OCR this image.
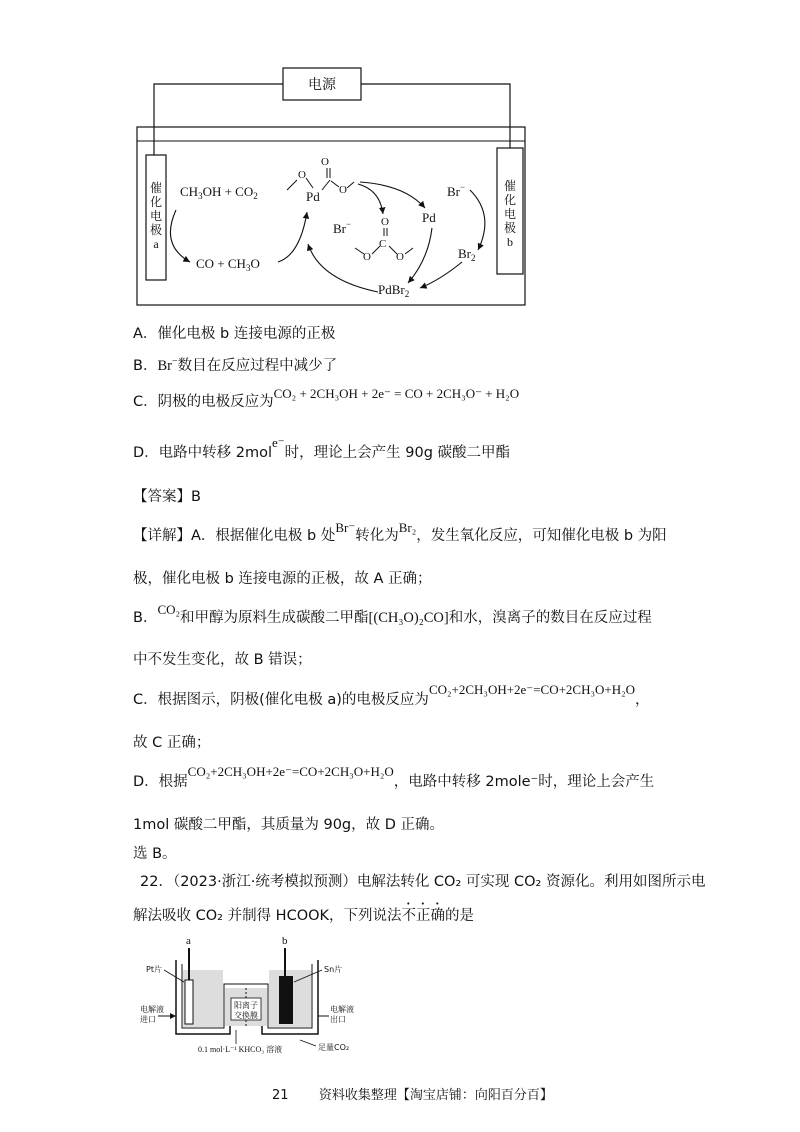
电源
催
化
电
极
a
催
化
电
极
b
$CH_3OH + CO_2$
CO + $CH_3O$
Br−
Br−
$Br_2$
Pd
PdBr$_2$
O
Pd
O
O
O
C
O
O
A．催化电极 b 连接电源的正极
B．Br−数目在反应过程中减少了
C．阴极的电极反应为CO₂ + 2CH₃OH + 2e⁻ = CO + 2CH₃O⁻ + H₂O
D．电路中转移 2mole⁻时，理论上会产生 90g 碳酸二甲酯
【答案】B
【详解】A．根据催化电极 b 处Br⁻转化为Br₂，发生氧化反应，可知催化电极 b 为阳
极，催化电极 b 连接电源的正极，故 A 正确；
B．CO₂和甲醇为原料生成碳酸二甲酯[(CH₃O)₂CO]和水，溴离子的数目在反应过程
中不发生变化，故 B 错误；
C．根据图示，阴极(催化电极 a)的电极反应为CO₂+2CH₃OH+2e⁻=CO+2CH₃O+H₂O，
故 C 正确；
D．根据CO₂+2CH₃OH+2e⁻=CO+2CH₃O+H₂O，电路中转移 2mole⁻时，理论上会产生
1mol 碳酸二甲酯，其质量为 90g，故 D 正确。
选 B。
22．（2023·浙江·统考模拟预测）电解法转化 CO₂ 可实现 CO₂ 资源化。利用如图所示电
解法吸收 CO₂ 并制得 HCOOK，下列说法不正确的是
a	b
阳离子
交换膜
Pt片	Sn片
电解液
进口
电解液
出口
0.1 mol·L⁻¹ KHCO₃ 溶液	足量CO₂
21 资料收集整理【淘宝店铺：向阳百分百】
